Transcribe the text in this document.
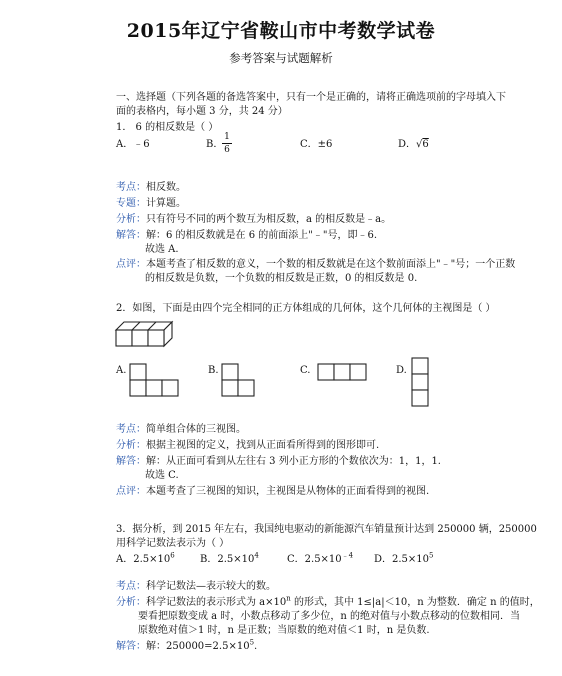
2015年辽宁省鞍山市中考数学试卷
参考答案与试题解析
一、选择题（下列各题的备选答案中，只有一个是正确的，请将正确选项前的字母填入下
面的表格内，每小题 3 分，共 24 分）
1． 6 的相反数是（ ）
A．﹣6	B．
1
6	C．±6	D．√6
考点：相反数。
专题：计算题。
分析：只有符号不同的两个数互为相反数，a 的相反数是﹣a。
解答：解：6 的相反数就是在 6 的前面添上"﹣"号，即﹣6.
故选 A.
点评：本题考查了相反数的意义，一个数的相反数就是在这个数前面添上"﹣"号；一个正数
的相反数是负数，一个负数的相反数是正数，0 的相反数是 0.
2．如图，下面是由四个完全相同的正方体组成的几何体，这个几何体的主视图是（ ）
A.	B.	C.	D.
考点：简单组合体的三视图。
分析：根据主视图的定义，找到从正面看所得到的图形即可.
解答：解：从正面可看到从左往右 3 列小正方形的个数依次为：1，1，1.
故选 C.
点评：本题考查了三视图的知识，主视图是从物体的正面看得到的视图.
3．据分析，到 2015 年左右，我国纯电驱动的新能源汽车销量预计达到 250000 辆，250000
用科学记数法表示为（ ）
A．$2.5\times 10^6$	B．$2.5\times 10^4$	C．$2.5\times 10^{﹣4}$ D．$2.5\times 10^5$
考点：科学记数法—表示较大的数。
分析：科学记数法的表示形式为 $a\times 10^n$ 的形式，其中 1≤|a|＜10，n 为整数．确定 n 的值时，
要看把原数变成 a 时，小数点移动了多少位，n 的绝对值与小数点移动的位数相同．当
原数绝对值＞1 时，n 是正数；当原数的绝对值＜1 时，n 是负数.
解答：解：$250000=2.5\times 10^5$.
